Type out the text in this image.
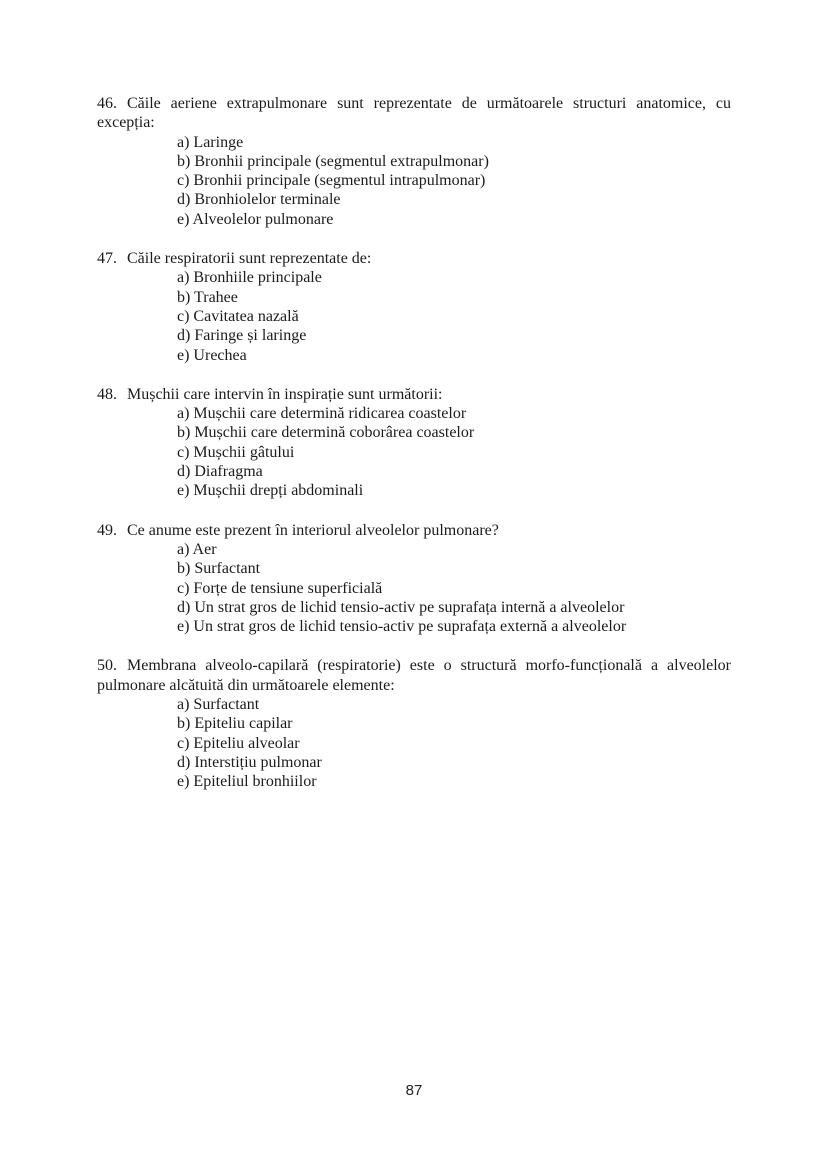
46. Căile aeriene extrapulmonare sunt reprezentate de următoarele structuri anatomice, cu excepția:

a) Laringe

b) Bronhii principale (segmentul extrapulmonar)

c) Bronhii principale (segmentul intrapulmonar)

d) Bronhiolelor terminale

e) Alveolelor pulmonare

47. Căile respiratorii sunt reprezentate de:

a) Bronhiile principale

b) Trahee

c) Cavitatea nazală

d) Faringe și laringe

e) Urechea

48. Mușchii care intervin în inspirație sunt următorii:

a) Mușchii care determină ridicarea coastelor

b) Mușchii care determină coborârea coastelor

c) Mușchii gâtului

d) Diafragma

e) Mușchii drepți abdominali

49. Ce anume este prezent în interiorul alveolelor pulmonare?

a) Aer

b) Surfactant

c) Forțe de tensiune superficială

d) Un strat gros de lichid tensio-activ pe suprafața internă a alveolelor

e) Un strat gros de lichid tensio-activ pe suprafața externă a alveolelor

50. Membrana alveolo-capilară (respiratorie) este o structură morfo-funcțională a alveolelor pulmonare alcătuită din următoarele elemente:

a) Surfactant

b) Epiteliu capilar

c) Epiteliu alveolar

d) Interstițiu pulmonar

e) Epiteliul bronhiilor

87
